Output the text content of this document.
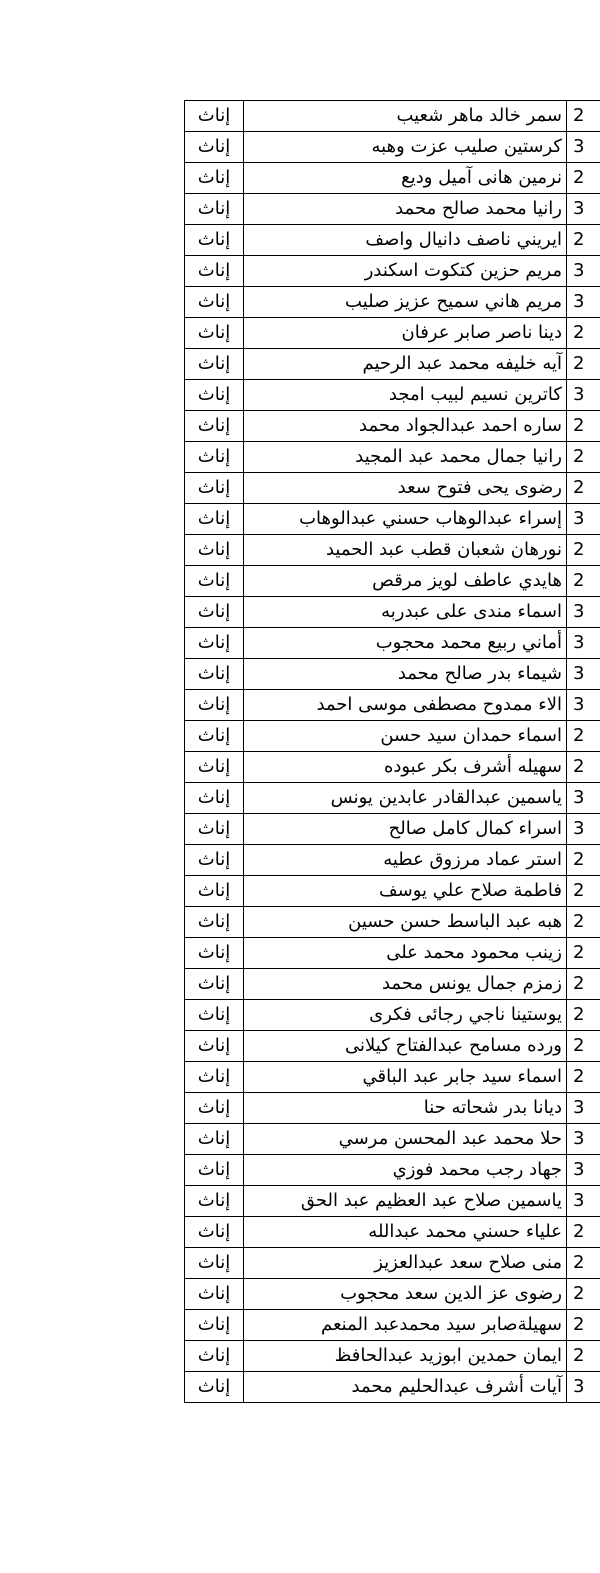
إناث	سمر خالد ماهر شعيب	2
إناث	كرستين صليب عزت وهبه	3
إناث	نرمين هانى آميل وديع	2
إناث	رانيا محمد صالح محمد	3
إناث	ايريني ناصف دانيال واصف	2
إناث	مريم حزين كتكوت اسكندر	3
إناث	مريم هاني سميح عزيز صليب	3
إناث	دينا ناصر صابر عرفان	2
إناث	آيه خليفه محمد عبد الرحيم	2
إناث	كاترين نسيم لبيب امجد	3
إناث	ساره احمد عبدالجواد محمد	2
إناث	رانيا جمال محمد عبد المجيد	2
إناث	رضوى يحى فتوح سعد	2
إناث	إسراء عبدالوهاب حسني عبدالوهاب	3
إناث	نورهان شعبان قطب عبد الحميد	2
إناث	هايدي عاطف لويز مرقص	2
إناث	اسماء مندى على عبدربه	3
إناث	أماني ربيع محمد محجوب	3
إناث	شيماء بدر صالح محمد	3
إناث	الاء ممدوح مصطفى موسى احمد	3
إناث	اسماء حمدان سيد حسن	2
إناث	سهيله أشرف بكر عبوده	2
إناث	ياسمين عبدالقادر عابدين يونس	3
إناث	اسراء كمال كامل صالح	3
إناث	استر عماد مرزوق عطيه	2
إناث	فاطمة صلاح علي يوسف	2
إناث	هبه عبد الباسط حسن حسين	2
إناث	زينب محمود محمد على	2
إناث	زمزم جمال يونس محمد	2
إناث	يوستينا ناجي رجائى فكرى	2
إناث	ورده مسامح عبدالفتاح كيلانى	2
إناث	اسماء سيد جابر عبد الباقي	2
إناث	ديانا بدر شحاته حنا	3
إناث	حلا محمد عبد المحسن مرسي	3
إناث	جهاد رجب محمد فوزي	3
إناث	ياسمين صلاح عبد العظيم عبد الحق	3
إناث	علياء حسني محمد عبدالله	2
إناث	منى صلاح سعد عبدالعزيز	2
إناث	رضوى عز الدين سعد محجوب	2
إناث	سهيلةصابر سيد محمدعبد المنعم	2
إناث	ايمان حمدين ابوزيد عبدالحافظ	2
إناث	آيات أشرف عبدالحليم محمد	3
